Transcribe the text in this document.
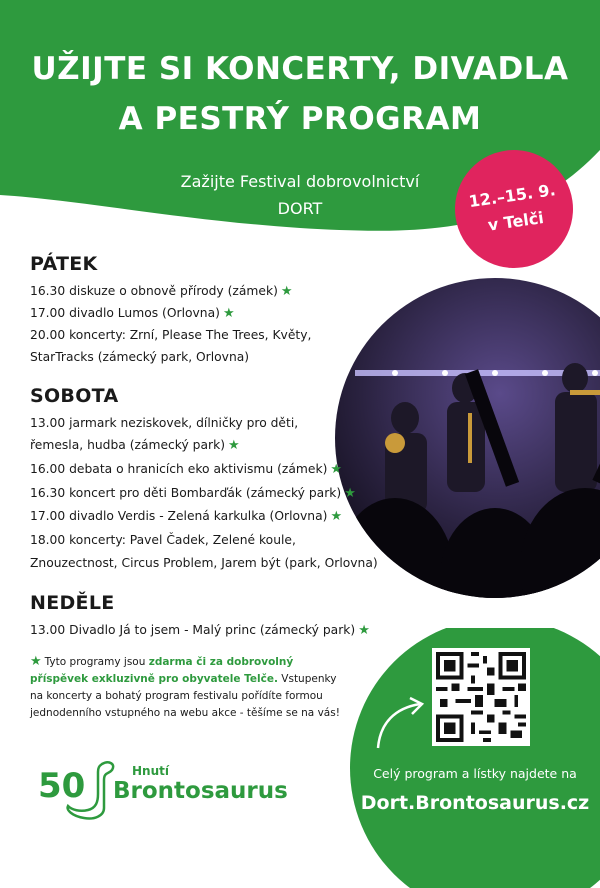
UŽIJTE SI KONCERTY, DIVADLA
A PESTRÝ PROGRAM
Zažijte Festival dobrovolnictví
DORT	12.–15. 9.
v Telči
PÁTEK
16.30 diskuze o obnově přírody (zámek) ★
17.00 divadlo Lumos (Orlovna) ★
20.00 koncerty: Zrní, Please The Trees, Květy,
StarTracks (zámecký park, Orlovna)
SOBOTA
13.00 jarmark neziskovek, dílničky pro děti,
řemesla, hudba (zámecký park) ★
16.00 debata o hranicích eko aktivismu (zámek) ★
16.30 koncert pro děti Bombarďák (zámecký park) ★
17.00 divadlo Verdis - Zelená karkulka (Orlovna) ★
18.00 koncerty: Pavel Čadek, Zelené koule,
Znouzectnost, Circus Problem, Jarem být (park, Orlovna)
NEDĚLE
13.00 Divadlo Já to jsem - Malý princ (zámecký park) ★
★ Tyto programy jsou zdarma či za dobrovolný příspěvek exkluzivně pro obyvatele Telče. Vstupenky na koncerty a bohatý program festivalu pořídíte formou jednodenního vstupného na webu akce - těšíme se na vás!
Celý program a lístky najdete na
Dort.Brontosaurus.cz
50	Hnutí
Brontosaurus
